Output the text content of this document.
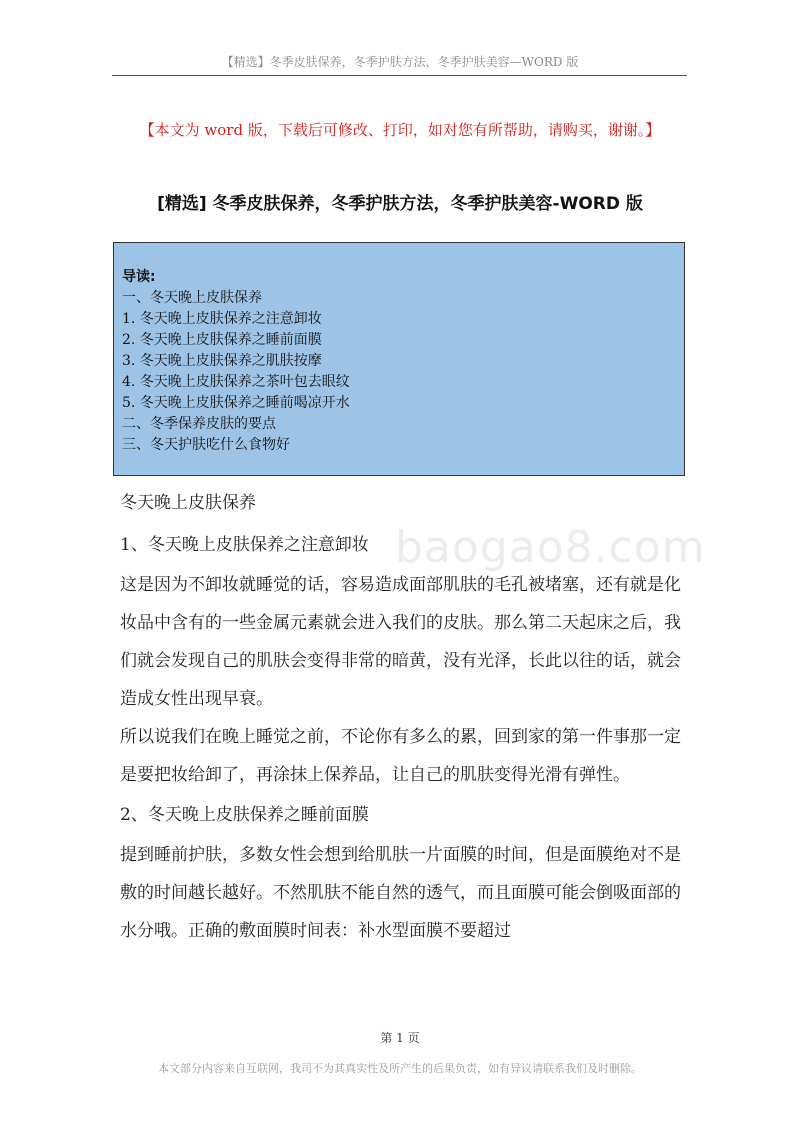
【精选】冬季皮肤保养，冬季护肤方法，冬季护肤美容—WORD 版
【本文为 word 版，下载后可修改、打印，如对您有所帮助，请购买，谢谢。】
[精选] 冬季皮肤保养，冬季护肤方法，冬季护肤美容-WORD 版
导读:
一、冬天晚上皮肤保养
1. 冬天晚上皮肤保养之注意卸妆
2. 冬天晚上皮肤保养之睡前面膜
3. 冬天晚上皮肤保养之肌肤按摩
4. 冬天晚上皮肤保养之茶叶包去眼纹
5. 冬天晚上皮肤保养之睡前喝凉开水
二、冬季保养皮肤的要点
三、冬天护肤吃什么食物好
baogao8.com
冬天晚上皮肤保养
1、冬天晚上皮肤保养之注意卸妆

这是因为不卸妆就睡觉的话，容易造成面部肌肤的毛孔被堵塞，还有就是化妆品中含有的一些金属元素就会进入我们的皮肤。那么第二天起床之后，我们就会发现自己的肌肤会变得非常的暗黄，没有光泽，长此以往的话，就会造成女性出现早衰。

所以说我们在晚上睡觉之前，不论你有多么的累，回到家的第一件事那一定是要把妆给卸了，再涂抹上保养品，让自己的肌肤变得光滑有弹性。

2、冬天晚上皮肤保养之睡前面膜

提到睡前护肤，多数女性会想到给肌肤一片面膜的时间，但是面膜绝对不是敷的时间越长越好。不然肌肤不能自然的透气，而且面膜可能会倒吸面部的水分哦。正确的敷面膜时间表：补水型面膜不要超过

第 1 页
本文部分内容来自互联网，我司不为其真实性及所产生的后果负责，如有异议请联系我们及时删除。
